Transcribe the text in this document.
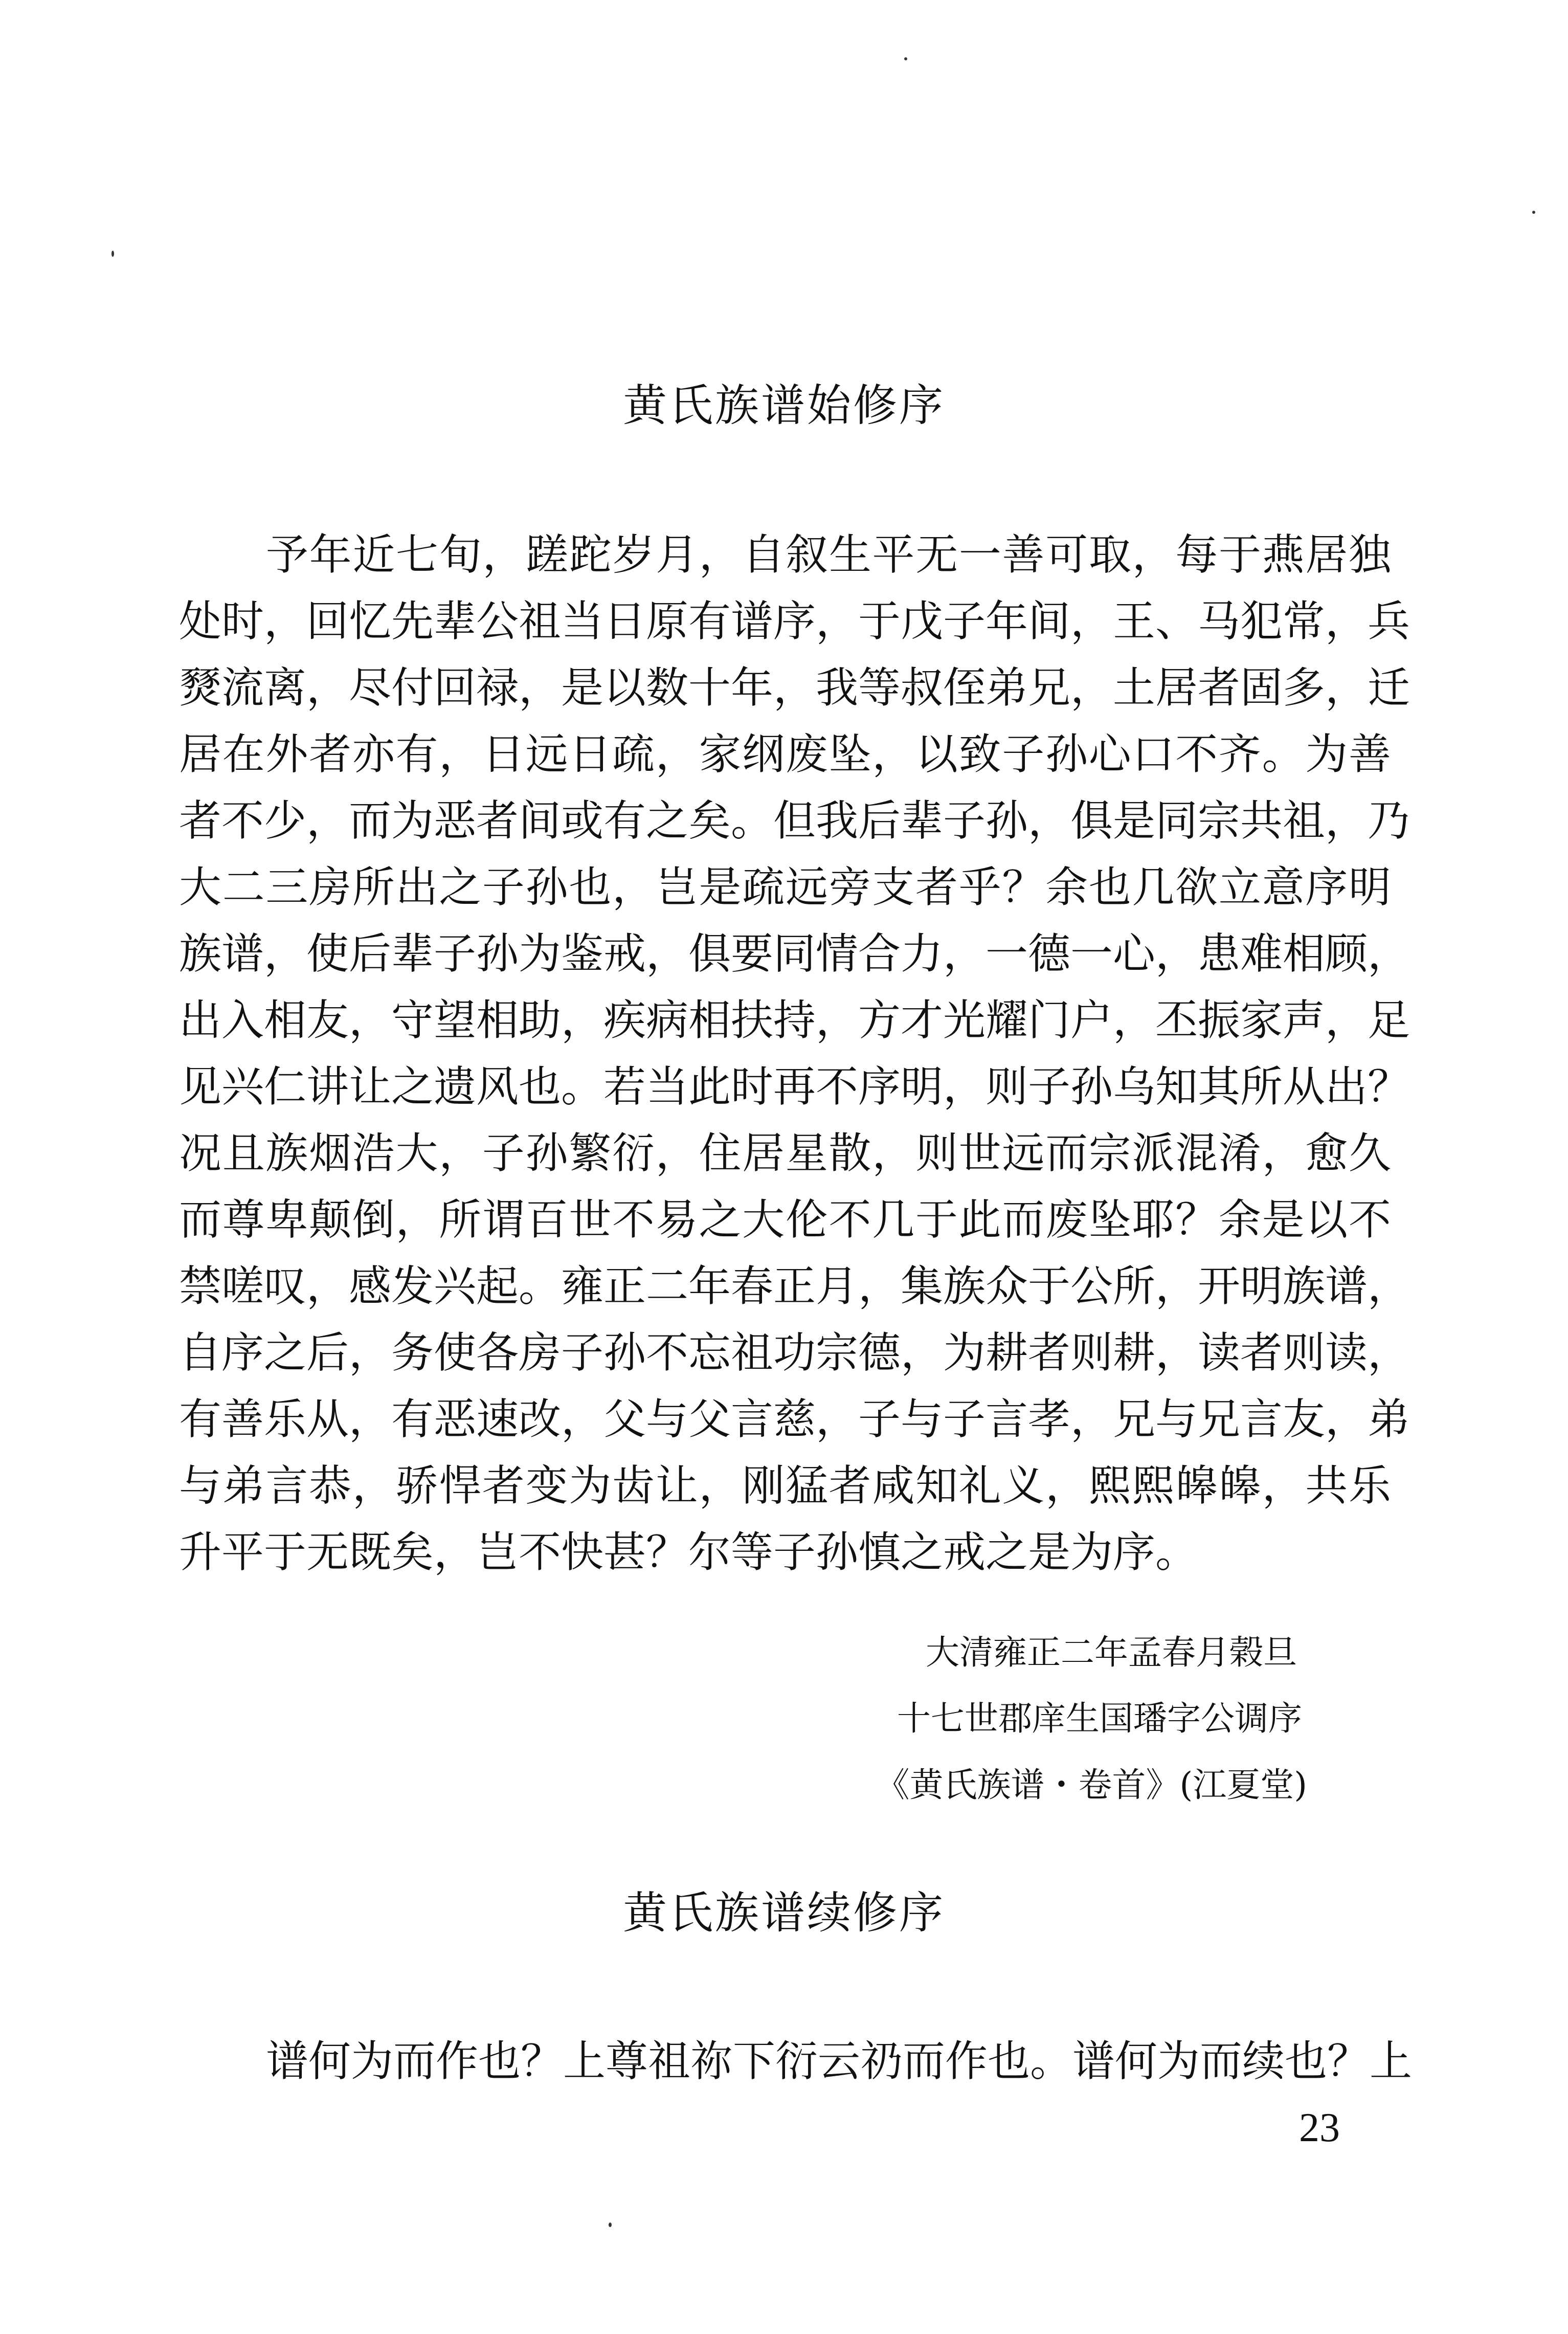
黄氏族谱始修序
予年近七旬，蹉跎岁月，自叙生平无一善可取，每于燕居独
处时，回忆先辈公祖当日原有谱序，于戊子年间，王、马犯常，兵
燹流离，尽付回禄，是以数十年，我等叔侄弟兄，土居者固多，迁
居在外者亦有，日远日疏，家纲废坠，以致子孙心口不齐。为善
者不少，而为恶者间或有之矣。但我后辈子孙，俱是同宗共祖，乃
大二三房所出之子孙也，岂是疏远旁支者乎？余也几欲立意序明
族谱，使后辈子孙为鉴戒，俱要同情合力，一德一心，患难相顾，
出入相友，守望相助，疾病相扶持，方才光耀门户，丕振家声，足
见兴仁讲让之遗风也。若当此时再不序明，则子孙乌知其所从出？
况且族烟浩大，子孙繁衍，住居星散，则世远而宗派混淆，愈久
而尊卑颠倒，所谓百世不易之大伦不几于此而废坠耶？余是以不
禁嗟叹，感发兴起。雍正二年春正月，集族众于公所，开明族谱，
自序之后，务使各房子孙不忘祖功宗德，为耕者则耕，读者则读，
有善乐从，有恶速改，父与父言慈，子与子言孝，兄与兄言友，弟
与弟言恭，骄悍者变为齿让，刚猛者咸知礼义，熙熙皞皞，共乐
升平于无既矣，岂不快甚？尔等子孙慎之戒之是为序。
大清雍正二年孟春月榖旦
十七世郡庠生国璠字公调序
《黄氏族谱・卷首》(江夏堂)
黄氏族谱续修序
谱何为而作也？上尊祖祢下衍云礽而作也。谱何为而续也？上
23
